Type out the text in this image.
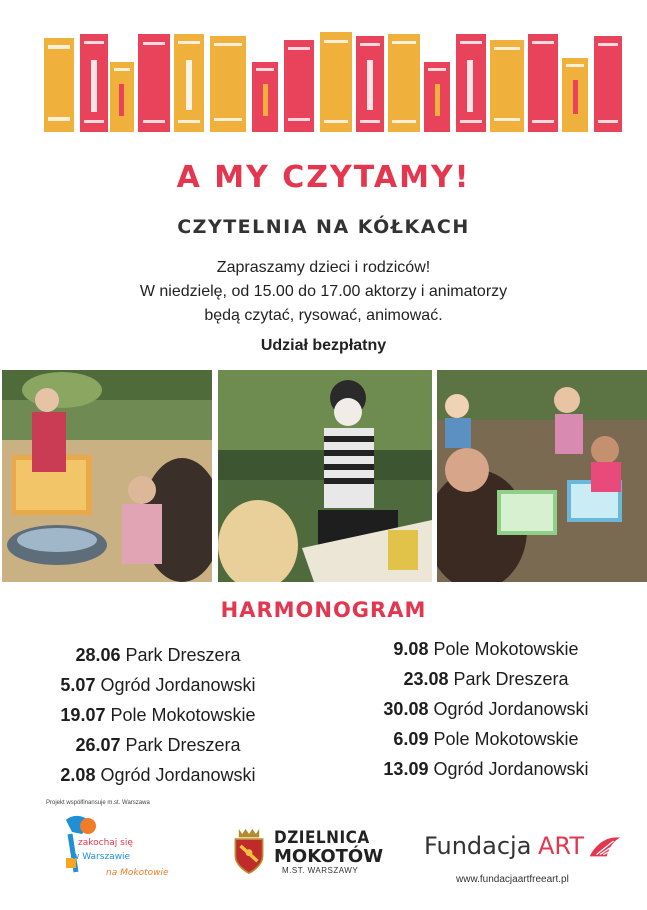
A MY CZYTAMY!
CZYTELNIA NA KÓŁKACH
Zapraszamy dzieci i rodziców!
W niedzielę, od 15.00 do 17.00 aktorzy i animatorzy
będą czytać, rysować, animować.
Udział bezpłatny
HARMONOGRAM
28.06 Park Dreszera
5.07 Ogród Jordanowski
19.07 Pole Mokotowskie
26.07 Park Dreszera
2.08 Ogród Jordanowski
9.08 Pole Mokotowskie
23.08 Park Dreszera
30.08 Ogród Jordanowski
6.09 Pole Mokotowskie
13.09 Ogród Jordanowski
Projekt współfinansuje m.st. Warszawa
zakochaj się
w Warszawie
na Mokotowie
DZIELNICA
MOKOTÓW
M.ST. WARSZAWY
Fundacja ART
www.fundacjaartfreeart.pl
